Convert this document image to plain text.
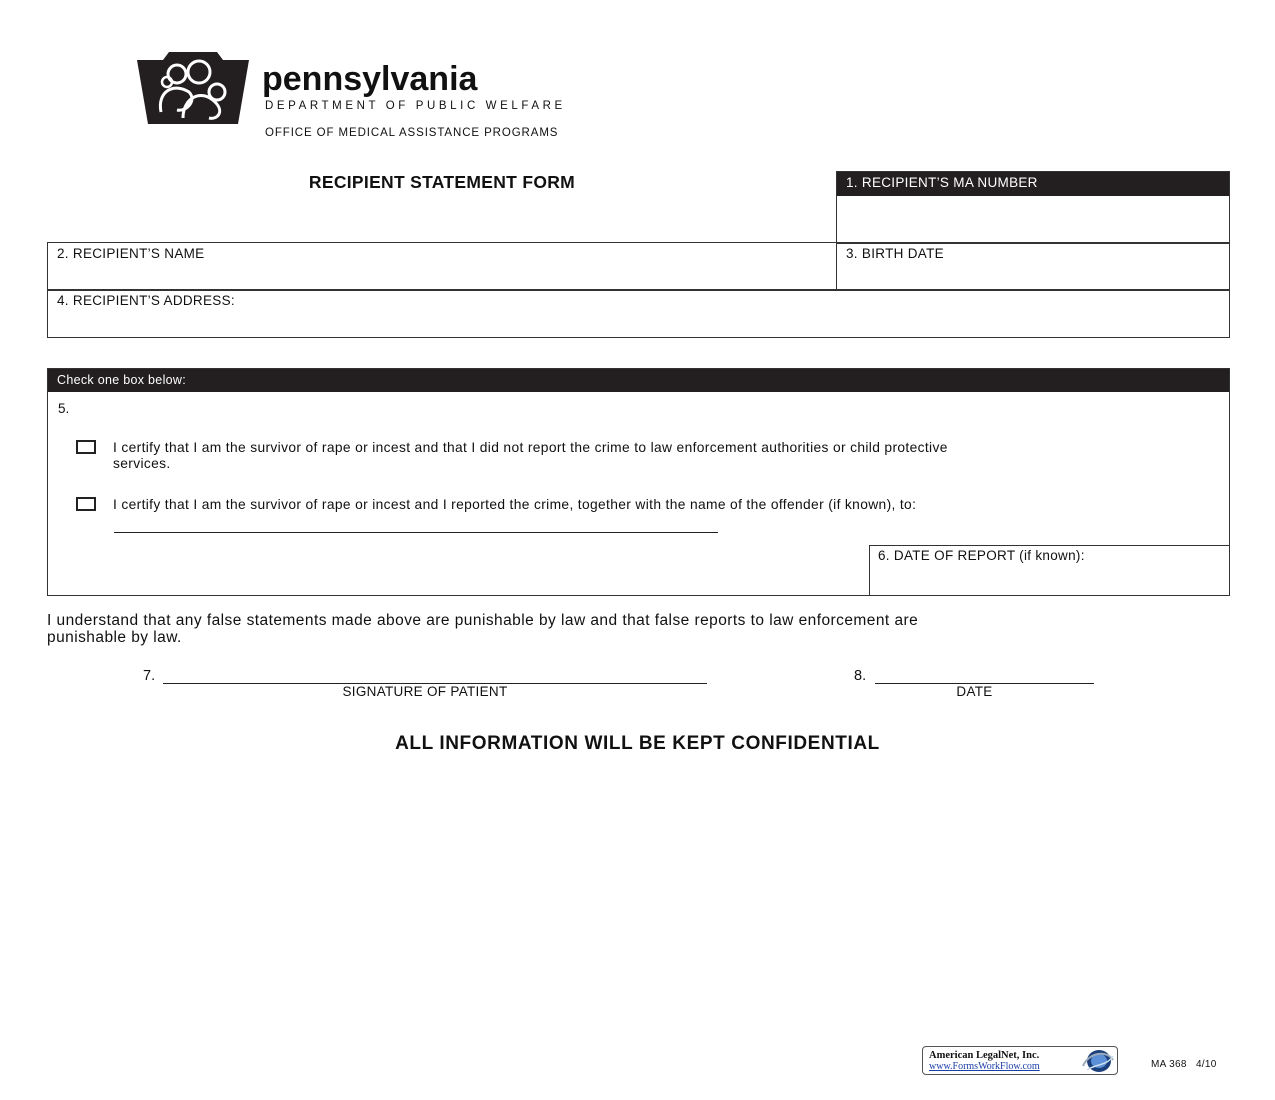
pennsylvania
DEPARTMENT OF PUBLIC WELFARE
OFFICE OF MEDICAL ASSISTANCE PROGRAMS
RECIPIENT STATEMENT FORM	1. RECIPIENT’S MA NUMBER
2. RECIPIENT’S NAME	3. BIRTH DATE
4. RECIPIENT’S ADDRESS:
Check one box below:
5.
I certify that I am the survivor of rape or incest and that I did not report the crime to law enforcement authorities or child protective
services.
I certify that I am the survivor of rape or incest and I reported the crime, together with the name of the offender (if known), to:
6. DATE OF REPORT (if known):
I understand that any false statements made above are punishable by law and that false reports to law enforcement are
punishable by law.
7.
SIGNATURE OF PATIENT
8.
DATE
ALL INFORMATION WILL BE KEPT CONFIDENTIAL
American LegalNet, Inc.
www.FormsWorkFlow.com	MA 368   4/10
